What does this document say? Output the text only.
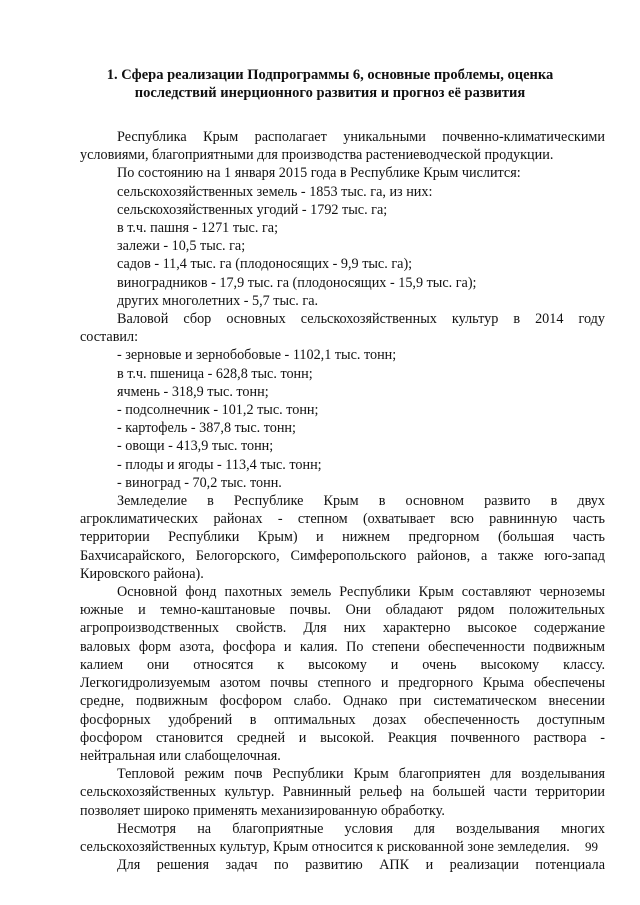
1. Сфера реализации Подпрограммы 6, основные проблемы, оценка
последствий инерционного развития и прогноз её развития

Республика Крым располагает уникальными почвенно-климатическими

условиями, благоприятными для производства растениеводческой продукции.

По состоянию на 1 января 2015 года в Республике Крым числится:

сельскохозяйственных земель - 1853 тыс. га, из них:

сельскохозяйственных угодий - 1792 тыс. га;

в т.ч. пашня - 1271 тыс. га;

залежи - 10,5 тыс. га;

садов - 11,4 тыс. га (плодоносящих - 9,9 тыс. га);

виноградников - 17,9 тыс. га (плодоносящих - 15,9 тыс. га);

других многолетних - 5,7 тыс. га.

Валовой сбор основных сельскохозяйственных культур в 2014 году

составил:

- зерновые и зернобобовые - 1102,1 тыс. тонн;

в т.ч. пшеница - 628,8 тыс. тонн;

ячмень - 318,9 тыс. тонн;

- подсолнечник - 101,2 тыс. тонн;

- картофель - 387,8 тыс. тонн;

- овощи - 413,9 тыс. тонн;

- плоды и ягоды - 113,4 тыс. тонн;

- виноград - 70,2 тыс. тонн.

Земледелие в Республике Крым в основном развито в двух

агроклиматических районах - степном (охватывает всю равнинную часть

территории Республики Крым) и нижнем предгорном (большая часть

Бахчисарайского, Белогорского, Симферопольского районов, а также юго-запад

Кировского района).

Основной фонд пахотных земель Республики Крым составляют черноземы

южные и темно-каштановые почвы. Они обладают рядом положительных

агропроизводственных свойств. Для них характерно высокое содержание

валовых форм азота, фосфора и калия. По степени обеспеченности подвижным

калием они относятся к высокому и очень высокому классу.

Легкогидролизуемым азотом почвы степного и предгорного Крыма обеспечены

средне, подвижным фосфором слабо. Однако при систематическом внесении

фосфорных удобрений в оптимальных дозах обеспеченность доступным

фосфором становится средней и высокой. Реакция почвенного раствора -

нейтральная или слабощелочная.

Тепловой режим почв Республики Крым благоприятен для возделывания

сельскохозяйственных культур. Равнинный рельеф на большей части территории

позволяет широко применять механизированную обработку.

Несмотря на благоприятные условия для возделывания многих

сельскохозяйственных культур, Крым относится к рискованной зоне земледелия.

Для решения задач по развитию АПК и реализации потенциала

99
